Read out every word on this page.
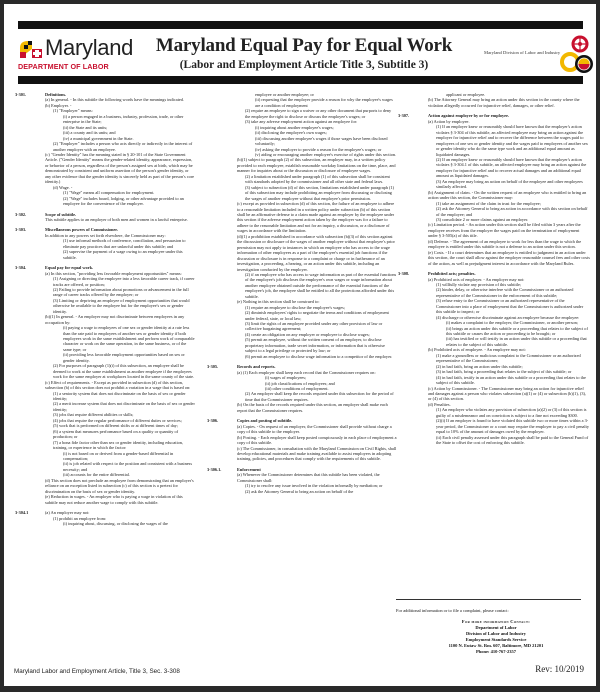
Maryland
DEPARTMENT OF LABOR
Maryland Equal Pay for Equal Work
(Labor and Employment Article Title 3, Subtitle 3)
Maryland Division of Labor and Industry
3-301.	Definitions.

(a) In general. - In this subtitle the following words have the meanings indicated.

(b) Employer. -

(1) "Employer" means:

(i) a person engaged in a business, industry, profession, trade, or other enterprise in the State;

(ii) the State and its units;

(iii) a county and its units; and

(iv) a municipal government in the State.

(2) "Employer" includes a person who acts directly or indirectly in the interest of another employer with an employee.

(c) "Gender Identity" has the meaning stated in § 20-101 of the State Government Article. ("Gender Identity" means the gender-related identity, appearance, expression, or behavior of a person, regardless of the person's assigned sex at birth, which may be demonstrated by consistent and uniform assertion of the person's gender identity, or any other evidence that the gender identity is sincerely held as part of the person's core identity.)

(d) Wage. -

(1) "Wage" means all compensation for employment.

(2) "Wage" includes board, lodging, or other advantage provided to an employee for the convenience of the employer.

3-302.	Scope of subtitle.

This subtitle applies to an employer of both men and women in a lawful enterprise.

3-303.	Miscellaneous powers of Commissioner.

In addition to any powers set forth elsewhere, the Commissioner may:

(1) use informal methods of conference, conciliation, and persuasion to eliminate pay practices that are unlawful under this subtitle; and

(2) supervise the payment of a wage owing to an employee under this subtitle.

3-304.	Equal pay for equal work.

(a) In this section, "providing less favorable employment opportunities" means:

(1) Assigning or directing the employee into a less favorable career track, if career tracks are offered, or position;

(2) Failing to provide information about promotions or advancement in the full range of career tracks offered by the employer; or

(3) Limiting or depriving an employee of employment opportunities that would otherwise be available to the employee but for the employee's sex or gender identity.

(b)(1) In general. - An employer may not discriminate between employees in any occupation by:

(i) paying a wage to employees of one sex or gender identity at a rate less than the rate paid to employees of another sex or gender identity if both employees work in the same establishment and perform work of comparable character or work on the same operation, in the same business, or of the same type; or

(ii) providing less favorable employment opportunities based on sex or gender identity.

(2) For purposes of paragraph (1)(i) of this subsection, an employee shall be deemed to work at the same establishment as another employee if the employees work for the same employer at workplaces located in the same county of the state.

(c) Effect of requirements. - Except as provided in subsection (d) of this section, subsection (b) of this section does not prohibit a variation in a wage that is based on:

(1) a seniority system that does not discriminate on the basis of sex or gender identity;

(2) a merit increase system that does not discriminate on the basis of sex or gender identity;

(3) jobs that require different abilities or skills;

(4) jobs that require the regular performance of different duties or services;

(5) work that is performed on different shifts or at different times of day;

(6) a system that measures performance based on a quality or quantity of production; or

(7) a bona fide factor other than sex or gender identity, including education, training, or experience in which the factor:

(i) is not based on or derived from a gender-based differential in compensation;

(ii) is job related with respect to the position and consistent with a business necessity; and

(iii) accounts for the entire differential.

(d) This section does not preclude an employee from demonstrating that an employer's reliance on an exception listed in subsection (c) of this section is a pretext for discrimination on the basis of sex or gender identity.

(e) Reduction in wages. - An employer who is paying a wage in violation of this subtitle may not reduce another wage to comply with this subtitle.

3-304.1	(a) An employer may not:

(1) prohibit an employee from:

(i) inquiring about, discussing, or disclosing the wages of the

employee or another employee; or

(ii) requesting that the employer provide a reason for why the employee's wages are a condition of employment

(2) require an employee to sign a waiver or any other document that purports to deny the employee the right to disclose or discuss the employee's wages; or

(3) take any adverse employment action against an employee for:

(i) inquiring about another employee's wages;

(ii) disclosing the employee's own wages;

(iii) discussing another employee's wages if those wages have been disclosed voluntarily;

(iv) asking the employer to provide a reason for the employee's wages; or

(v) aiding or encouraging another employee's exercise of rights under this section.

(b)(1) subject to paragraph (2) of this subsection, an employer may, in a written policy provided to each employee, establish reasonable workday limitations on the time, place, and manner for inquiries about or the discussion or disclosure of employee wages.

(2) a limitation established under paragraph (1) of this subsection shall be consistent with standards adopted by the commissioner and all other state and federal laws.

(3) subject to subsection (d) of this section, limitations established under paragraph (1) of this subsection may include prohibiting an employee from discussing or disclosing the wages of another employee without that employee's prior permission.

(c) except as provided in subsection (d) of this section, the failure of an employee to adhere to a reasonable limitation included in a written policy under subsection (b) of this section shall be an affirmative defense to a claim made against an employer by the employee under this section if the adverse employment action taken by the employer was for a failure to adhere to the reasonable limitation and not for an inquiry, a discussion, or a disclosure of wages in accordance with the limitation.

(d)(1) a prohibition established in accordance with subsection (b)(3) of this section against the discussion or disclosure of the wages of another employee without that employee's prior permission may not apply to instances in which an employee who has access to the wage information of other employees as a part of the employee's essential job functions if the discussion or disclosure is in response to a complaint or charge or in furtherance of an investigation, a proceeding, a hearing, or an action under this subtitle, including an investigation conducted by the employer.

(2) if an employee who has access to wage information as part of the essential functions of the employee's job discloses the employee's own wages or wage information about another employee obtained outside the performance of the essential functions of the employee's job, the employee shall be entitled to all the protections afforded under this subtitle.

(e) Nothing in this section shall be construed to:

(1) require an employee to disclose the employee's wages;

(2) diminish employees' rights to negotiate the terms and conditions of employment under federal, state, or local law;

(3) limit the rights of an employee provided under any other provision of law or collective bargaining agreement;

(4) create an obligation on any employer or employee to disclose wages;

(5) permit an employee, without the written consent of an employer, to disclose proprietary information, trade secret information, or information that is otherwise subject to a legal privilege or protected by law; or

(6) permit an employee to disclose wage information to a competitor of the employer.

3-305.	Records and reports.

(a) (1) Each employer shall keep each record that the Commissioner requires on:

(i) wages of employees;

(ii) job classifications of employees; and

(iii) other conditions of employment.

(2) An employer shall keep the records required under this subsection for the period of time that the Commissioner requires.

(b) On the basis of the records required under this section, an employer shall make each report that the Commissioner requires.

3-306.	Copies and posting of subtitle.

(a) Copies. - On request of an employer, the Commissioner shall provide without charge a copy of this subtitle to the employer.

(b) Posting. - Each employer shall keep posted conspicuously in each place of employment a copy of this subtitle.

(c) The Commissioner, in consultation with the Maryland Commission on Civil Rights, shall develop educational materials and make training available to assist employers in adopting training, policies, and procedures that comply with the requirements of this subtitle.

3-306.1.	Enforcement

(a) Whenever the Commissioner determines that this subtitle has been violated, the Commissioner shall:

(1) try to resolve any issue involved in the violation informally by mediation; or

(2) ask the Attorney General to bring an action on behalf of the

applicant or employee.

(b) The Attorney General may bring an action under this section in the county where the violation allegedly occurred for injunctive relief, damages, or other relief.

3-307.	Action against employer by or for employee.

(a) Action by employee.

(1) If an employer knew or reasonably should have known that the employer's action violates § 3-304 of this subtitle, an affected employee may bring an action against the employer for injunctive relief and to recover the difference between the wages paid to employees of one sex or gender identity and the wages paid to employees of another sex or gender identity who do the same type work and an additional equal amount as liquidated damages.

(2) If an employer knew or reasonably should have known that the employer's action violates § 3-304.1 of this subtitle, an affected employee may bring an action against the employer for injunctive relief and to recover actual damages and an additional equal amount as liquidated damages.

(3) An employee may bring an action on behalf of the employee and other employees similarly affected.

(b) Assignment of claim. - On the written request of an employee who is entitled to bring an action under this section, the Commissioner may:

(1) take an assignment of the claim in trust for the employee;

(2) ask the Attorney General to bring an action in accordance with this section on behalf of the employee; and

(3) consolidate 2 or more claims against an employer.

(c) Limitation period. - An action under this section shall be filed within 3 years after the employee receives from the employer the wages paid on the termination of employment under § 3-505(a) of this title.

(d) Defense. - The agreement of an employee to work for less than the wage to which the employee is entitled under this subtitle is not a defense to an action under this section.

(e) Costs. - If a court determines that an employee is entitled to judgment in an action under this section, the court shall allow against the employer reasonable counsel fees and other costs of the action, as well as prejudgment interest in accordance with the Maryland Rules.

3-308.	Prohibited acts; penalties.

(a) Prohibited acts of employer. - An employer may not:

(1) willfully violate any provision of this subtitle;

(2) hinder, delay, or otherwise interfere with the Commissioner or an authorized representative of the Commissioner in the enforcement of this subtitle;

(3) refuse entry to the Commissioner or an authorized representative of the Commissioner into a place of employment that the Commissioner is authorized under this subtitle to inspect; or

(4) discharge or otherwise discriminate against an employee because the employee:

(i) makes a complaint to the employer, the Commissioner, or another person;

(ii) brings an action under this subtitle or a proceeding that relates to the subject of this subtitle or causes the action or proceeding to be brought; or

(iii) has testified or will testify in an action under this subtitle or a proceeding that relates to the subject of this subtitle.

(b) Prohibited acts of employee. - An employee may not:

(1) make a groundless or malicious complaint to the Commissioner or an authorized representative of the Commissioner;

(2) in bad faith, bring an action under this subtitle;

(3) in bad faith, bring a proceeding that relates to the subject of this subtitle; or

(4) in bad faith, testify in an action under this subtitle or a proceeding that relates to the subject of this subtitle.

(c) Action by Commissioner. - The Commissioner may bring an action for injunctive relief and damages against a person who violates subsection (a)(1) or (4) or subsection (b)(1), (3), or (4) of this section.

(d) Penalties.

(1) An employer who violates any provision of subsection (a)(2) or (3) of this section is guilty of a misdemeanor and on conviction is subject to a fine not exceeding $300.

(2)(i) If an employer is found to have violated this subtitle two or more times within a 3-year period, the Commissioner or a court may require the employer to pay a civil penalty equal to 10% of the amount of damages owed by the employer.

(ii) Each civil penalty assessed under this paragraph shall be paid to the General Fund of the State to offset the cost of enforcing this subtitle.

For additional information or to file a complaint, please contact:
For more information Contact:
Department of Labor
Division of Labor and Industry
Employment Standards Service
1100 N. Eutaw St. Rm. 607, Baltimore, MD 21201
Phone: 410-767-2357
Maryland Labor and Employment Article, Title 3, Sec. 3-308	Rev: 10/2019
